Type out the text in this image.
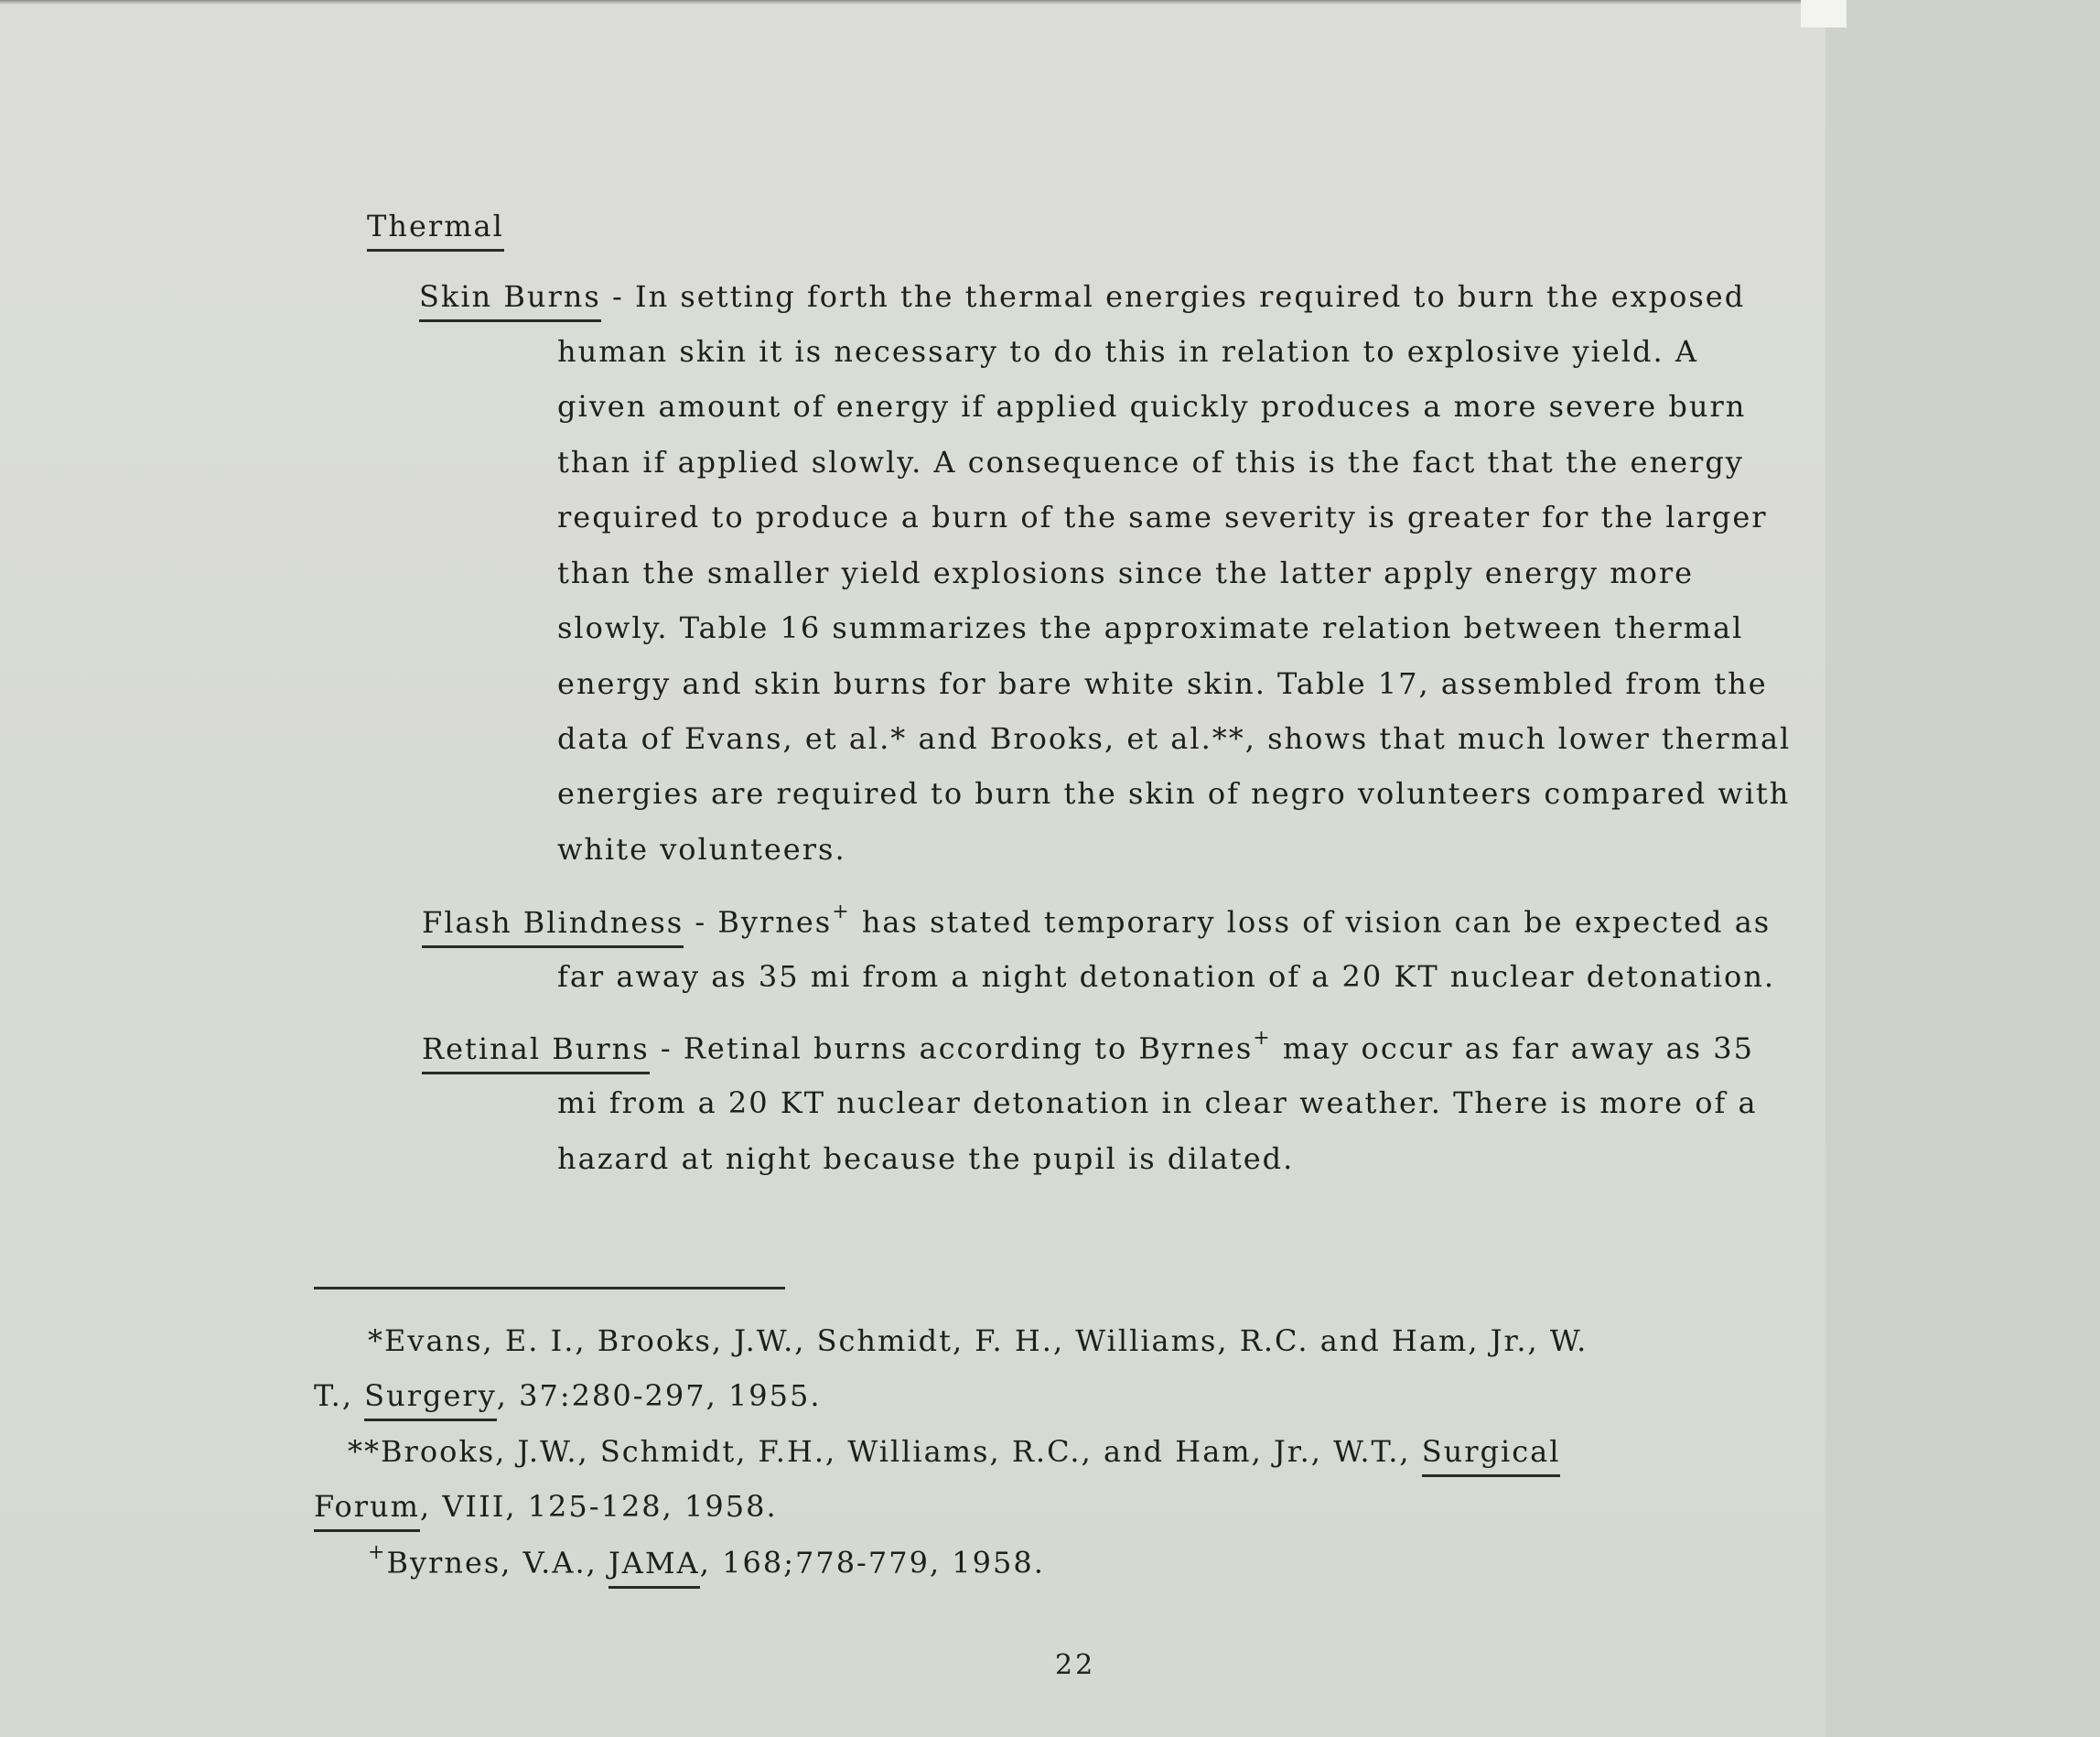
Thermal
Skin Burns - In setting forth the thermal energies required to burn the exposed
human skin it is necessary to do this in relation to explosive yield. A
given amount of energy if applied quickly produces a more severe burn
than if applied slowly. A consequence of this is the fact that the energy
required to produce a burn of the same severity is greater for the larger
than the smaller yield explosions since the latter apply energy more
slowly. Table 16 summarizes the approximate relation between thermal
energy and skin burns for bare white skin. Table 17, assembled from the
data of Evans, et al.* and Brooks, et al.**, shows that much lower thermal
energies are required to burn the skin of negro volunteers compared with
white volunteers.
Flash Blindness - Byrnes+ has stated temporary loss of vision can be expected as
far away as 35 mi from a night detonation of a 20 KT nuclear detonation.
Retinal Burns - Retinal burns according to Byrnes+ may occur as far away as 35
mi from a 20 KT nuclear detonation in clear weather. There is more of a
hazard at night because the pupil is dilated.
*Evans, E. I., Brooks, J.W., Schmidt, F. H., Williams, R.C. and Ham, Jr., W.
T., Surgery, 37:280-297, 1955.
**Brooks, J.W., Schmidt, F.H., Williams, R.C., and Ham, Jr., W.T., Surgical
Forum, VIII, 125-128, 1958.
+Byrnes, V.A., JAMA, 168;778-779, 1958.
22
